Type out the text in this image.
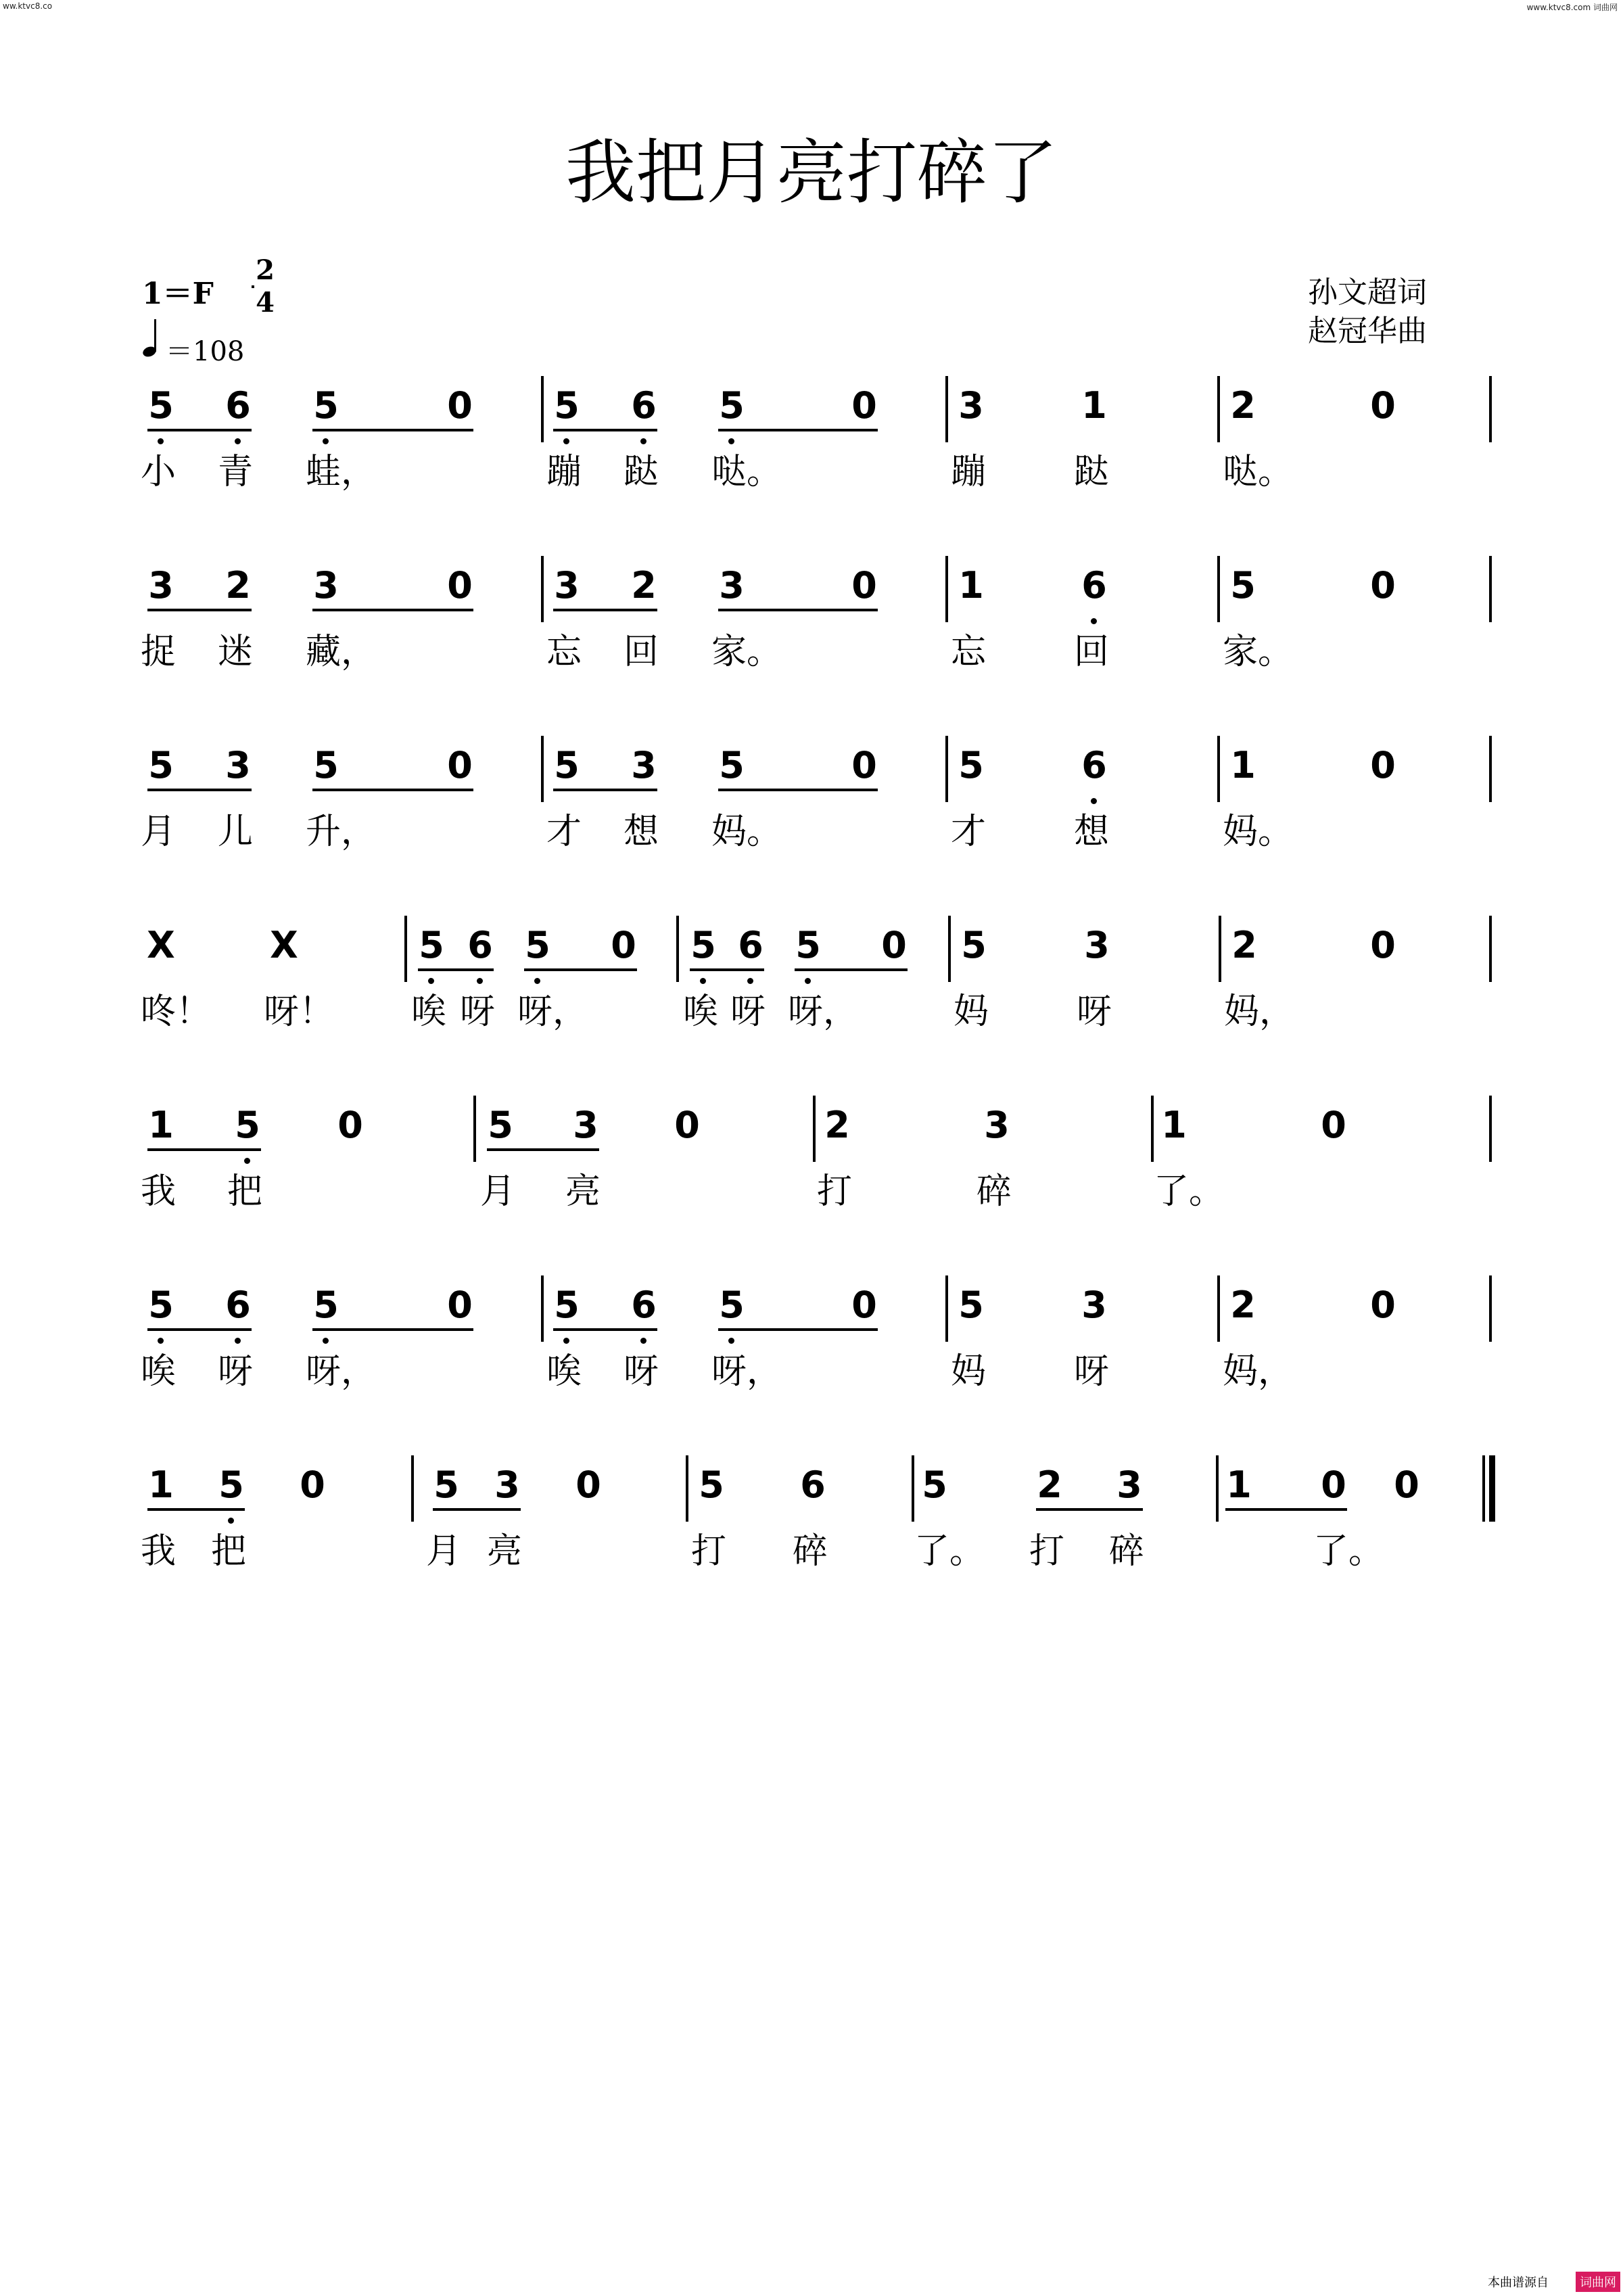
ww.ktvc8.co	www.ktvc8.com 词曲网
我把月亮打碎了
1＝F
2
4
＝108
孙文超词
赵冠华曲
5 6 5	0 5 6 5	0 3	1	2	0
小	青	蛙，	蹦	跶	哒。	蹦	跶	哒。
3 2 3	0 3 2 3	0 1	6	5	0
捉	迷	藏，	忘	回	家。	忘	回	家。
5 3 5	0 5 3 5	0 5	6	1	0
月	儿	升，	才	想	妈。	才	想	妈。
X	X	5 6 5 0 5 6 5 0 5	3	2	0
咚！	呀！	唉 呀 呀，	唉 呀 呀，	妈	呀	妈，
1 5 0	5 3 0	2	3	1	0
我	把	月	亮	打	碎	了。
5 6 5	0 5 6 5	0 5	3	2	0
唉	呀	呀，	唉	呀	呀，	妈	呀	妈，
1 5 0	5 3 0	5 6	5 2 3 1 0 0
我 把	月 亮	打	碎	了。	打	碎	了。
本曲谱源自	词曲网
